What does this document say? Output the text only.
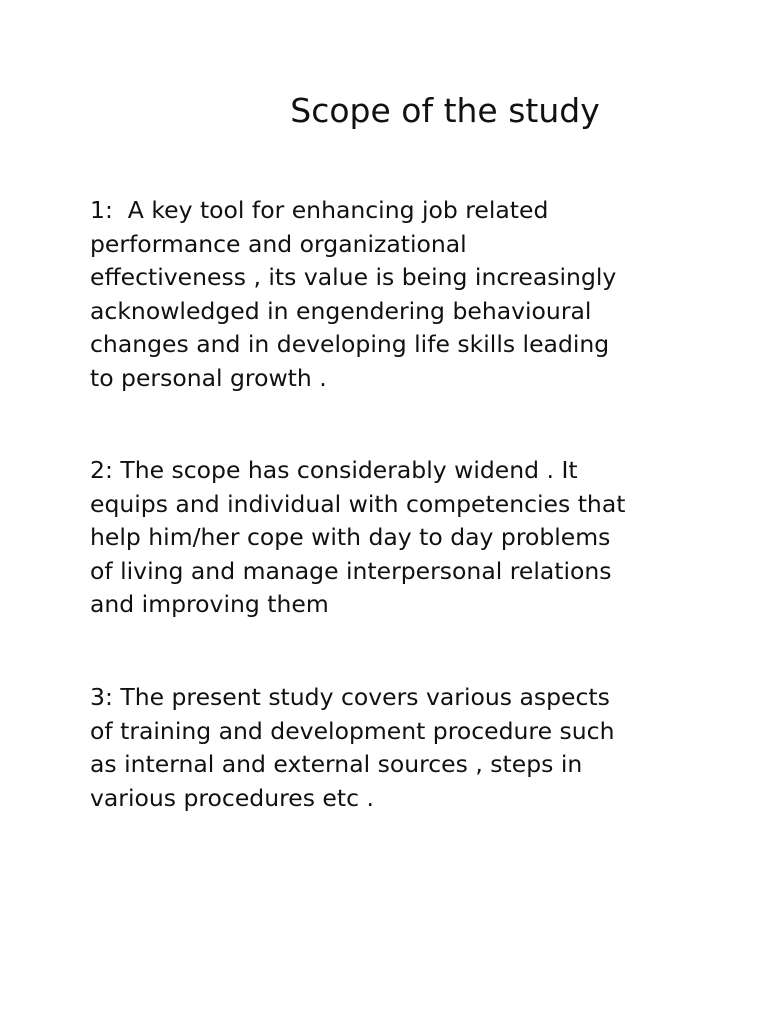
Scope of the study

1:  A key tool for enhancing job related
performance and organizational
effectiveness , its value is being increasingly
acknowledged in engendering behavioural
changes and in developing life skills leading
to personal growth .

2: The scope has considerably widend . It
equips and individual with competencies that
help him/her cope with day to day problems
of living and manage interpersonal relations
and improving them

3: The present study covers various aspects
of training and development procedure such
as internal and external sources , steps in
various procedures etc .
